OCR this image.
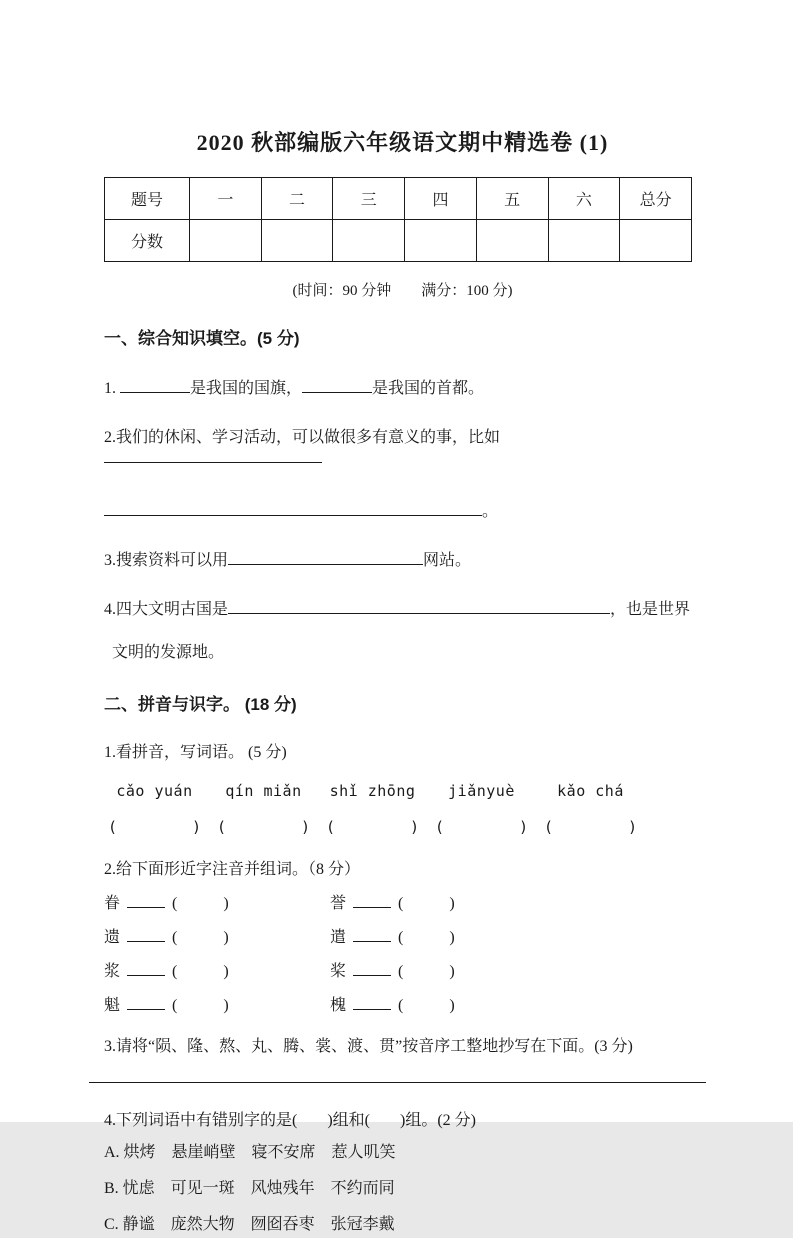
2020 秋部编版六年级语文期中精选卷 (1)
题号	一	二	三	四	五	六	总分
分数							
(时间：90 分钟　　满分：100 分)
一、综合知识填空。(5 分)
1.	是我国的国旗，	是我国的首都。
2.我们的休闲、学习活动，可以做很多有意义的事，比如
。
3.搜索资料可以用	网站。
4.四大文明古国是	，也是世界
文明的发源地。
二、拼音与识字。 (18 分)
1.看拼音，写词语。 (5 分)
cǎo yuán	qín miǎn	shǐ zhōng	jiǎnyuè	kǎo chá
(	) (	) (	) (	) (	)
2.给下面形近字注音并组词。（8 分）
眷	(	)	誉	(	)
遗	(	)	遣	(	)
浆	(	)	桨	(	)
魁	(	)	槐	(	)
3.请将“陨、隆、熬、丸、腾、裳、渡、贯”按音序工整地抄写在下面。(3 分)
4.下列词语中有错别字的是( )组和( )组。(2 分)
A. 烘烤　悬崖峭壁　寝不安席　惹人叽笑
B. 忧虑　可见一斑　风烛残年　不约而同
C. 静谧　庞然大物　囫囵吞枣　张冠李戴
